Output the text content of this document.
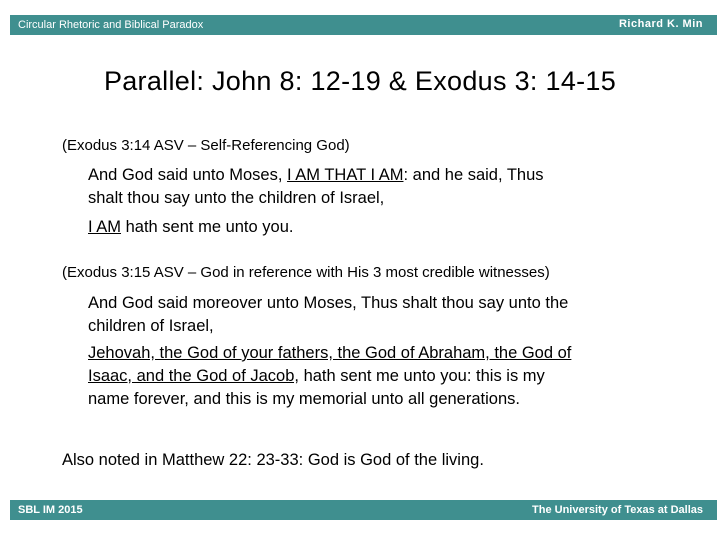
Circular Rhetoric and Biblical Paradox	Richard K. Min
Parallel: John 8: 12-19 & Exodus 3: 14-15
(Exodus 3:14 ASV – Self-Referencing God)
And God said unto Moses, I AM THAT I AM: and he said, Thus
shalt thou say unto the children of Israel,
I AM hath sent me unto you.
(Exodus 3:15 ASV – God in reference with His 3 most credible witnesses)
And God said moreover unto Moses, Thus shalt thou say unto the
children of Israel,
Jehovah, the God of your fathers, the God of Abraham, the God of
Isaac, and the God of Jacob, hath sent me unto you: this is my
name forever, and this is my memorial unto all generations.
Also noted in Matthew 22: 23-33: God is God of the living.
SBL IM 2015	The University of Texas at Dallas
